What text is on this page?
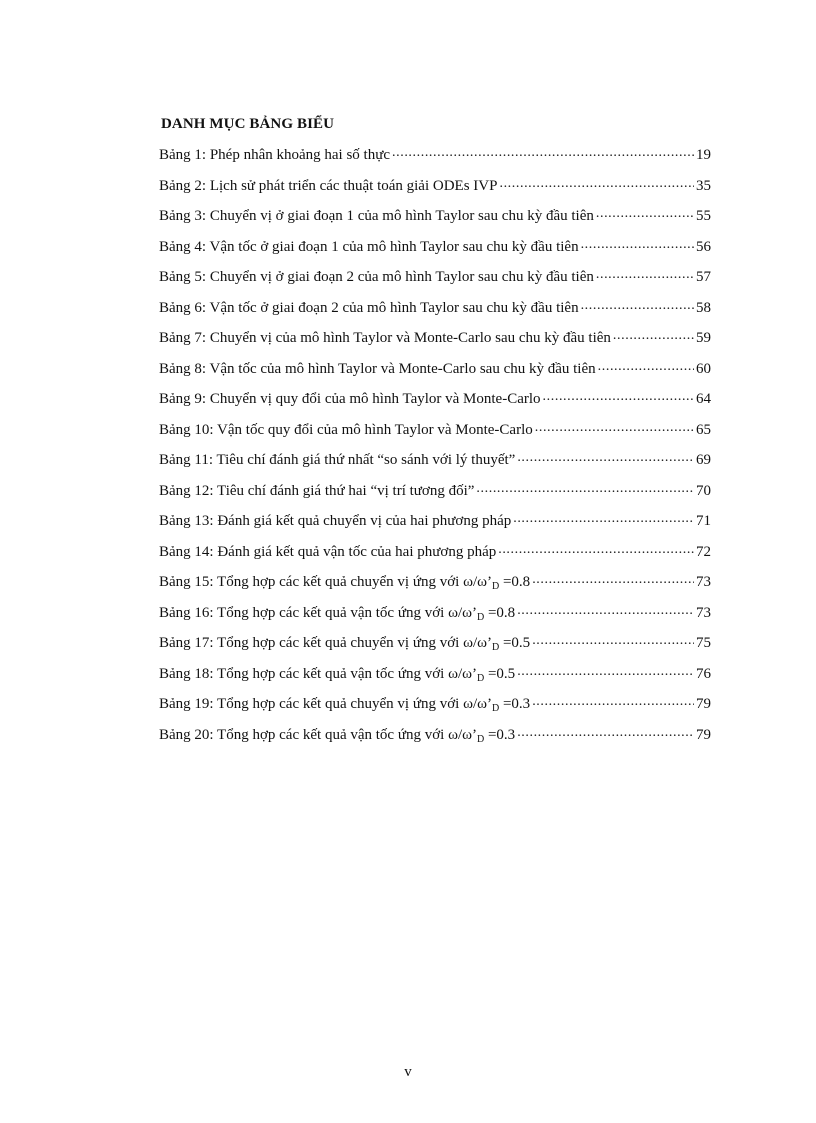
DANH MỤC BẢNG BIỂU
Bảng 1: Phép nhân khoảng hai số thực .....	19
Bảng 2: Lịch sử phát triển các thuật toán giải ODEs IVP .....	35
Bảng 3: Chuyển vị ở giai đoạn 1 của mô hình Taylor sau chu kỳ đầu tiên .....	55
Bảng 4: Vận tốc ở giai đoạn 1 của mô hình Taylor sau chu kỳ đầu tiên .....	56
Bảng 5: Chuyển vị ở giai đoạn 2 của mô hình Taylor sau chu kỳ đầu tiên .....	57
Bảng 6: Vận tốc ở giai đoạn 2 của mô hình Taylor sau chu kỳ đầu tiên .....	58
Bảng 7: Chuyển vị của mô hình Taylor và Monte-Carlo sau chu kỳ đầu tiên .....	59
Bảng 8: Vận tốc của mô hình Taylor và Monte-Carlo sau chu kỳ đầu tiên .....	60
Bảng 9: Chuyển vị quy đổi của mô hình Taylor và Monte-Carlo .....	64
Bảng 10: Vận tốc quy đổi của mô hình Taylor và Monte-Carlo .....	65
Bảng 11: Tiêu chí đánh giá thứ nhất “so sánh với lý thuyết” .....	69
Bảng 12: Tiêu chí đánh giá thứ hai “vị trí tương đối” .....	70
Bảng 13: Đánh giá kết quả chuyển vị của hai phương pháp .....	71
Bảng 14: Đánh giá kết quả vận tốc của hai phương pháp .....	72
Bảng 15: Tổng hợp các kết quả chuyển vị ứng với $\omega/\omega’_D =0.8$ .....	73
Bảng 16: Tổng hợp các kết quả vận tốc ứng với $\omega/\omega’_D =0.8$ .....	73
Bảng 17: Tổng hợp các kết quả chuyển vị ứng với $\omega/\omega’_D =0.5$ .....	75
Bảng 18: Tổng hợp các kết quả vận tốc ứng với $\omega/\omega’_D =0.5$ .....	76
Bảng 19: Tổng hợp các kết quả chuyển vị ứng với $\omega/\omega’_D =0.3$ .....	79
Bảng 20: Tổng hợp các kết quả vận tốc ứng với $\omega/\omega’_D =0.3$ .....	79

v
